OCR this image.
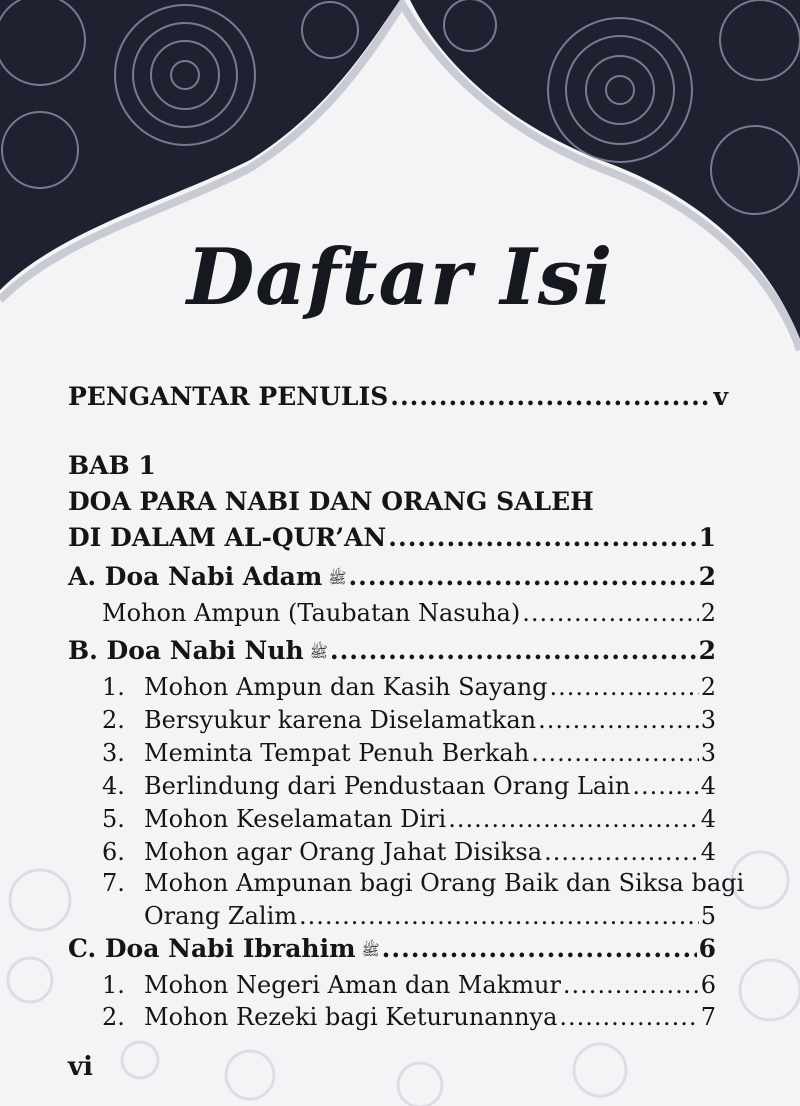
Daftar Isi
PENGANTAR PENULIS .....	v
BAB 1
DOA PARA NABI DAN ORANG SALEH
DI DALAM AL-QUR’AN .....	1
A. Doa Nabi Adam ﷺ .....	2
Mohon Ampun (Taubatan Nasuha) .....	2
B. Doa Nabi Nuh ﷺ .....	2
1. Mohon Ampun dan Kasih Sayang .....	2
2. Bersyukur karena Diselamatkan .....	3
3. Meminta Tempat Penuh Berkah .....	3
4. Berlindung dari Pendustaan Orang Lain .....	4
5. Mohon Keselamatan Diri .....	4
6. Mohon agar Orang Jahat Disiksa .....	4
7. Mohon Ampunan bagi Orang Baik dan Siksa bagi
Orang Zalim .....	5
C. Doa Nabi Ibrahim ﷺ .....	6
1. Mohon Negeri Aman dan Makmur .....	6
2. Mohon Rezeki bagi Keturunannya .....	7
vi
